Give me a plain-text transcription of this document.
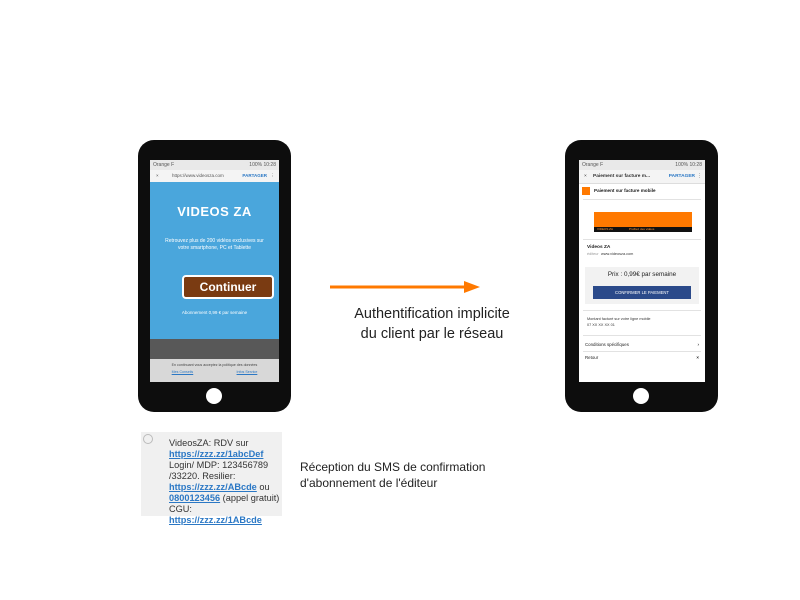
Orange F	100% 10:28
×	https://www.videosza.com	PARTAGER ⋮
VIDEOS ZA
Retrouvez plus de 200 vidéos exclusives sur votre smartphone, PC et Tablette
Continuer
Abonnement 0,99 € par semaine
En continuant vous acceptez la politique des données
Mes Conseils	Infos Service
Authentification implicite
du client par le réseau
Orange F	100% 10:28
× Paiement sur facture m...	PARTAGER ⋮
Paiement sur facture mobile
VIDEOS ZA	Profitez des vidéos
Videos ZA
éditeur www.videosza.com
Prix : 0,99€ par semaine
CONFIRMER LE PAIEMENT
Montant facturé sur votre ligne mobile
07 XX XX XX 01
Conditions spécifiques	›
Retour	×
VideosZA: RDV sur https://zzz.zz/1abcDef Login/ MDP: 123456789 /33220. Resilier: https://zzz.zz/ABcde ou 0800123456 (appel gratuit) CGU: https://zzz.zz/1ABcde
Réception du SMS de confirmation
d'abonnement de l'éditeur
